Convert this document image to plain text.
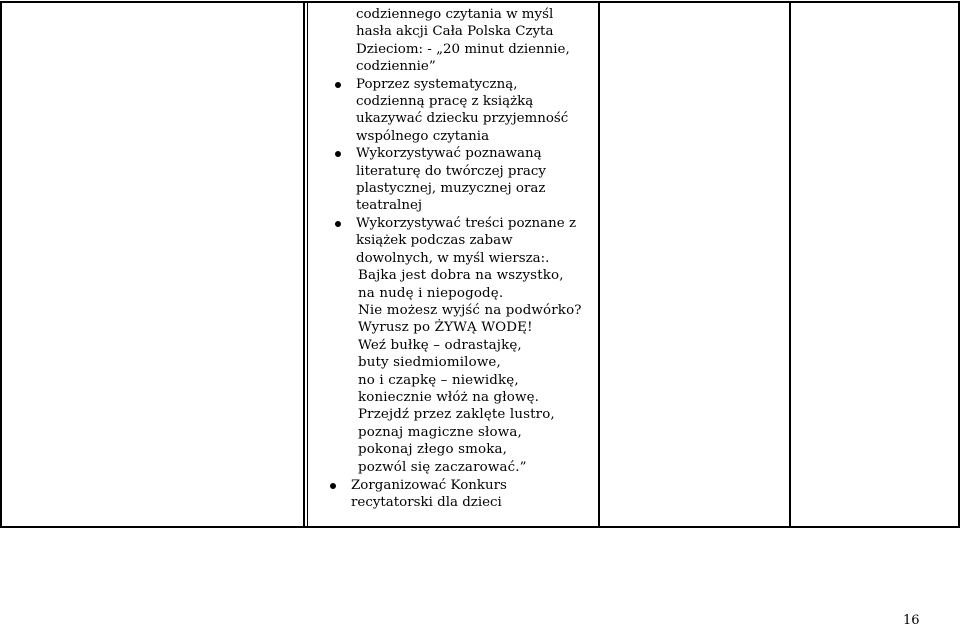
codziennego czytania w myśl
hasła akcji Cała Polska Czyta
Dzieciom: - „20 minut dziennie,
codziennie”
Poprzez systematyczną,
codzienną pracę z książką
ukazywać dziecku przyjemność
wspólnego czytania
Wykorzystywać poznawaną
literaturę do twórczej pracy
plastycznej, muzycznej oraz
teatralnej
Wykorzystywać treści poznane z
książek podczas zabaw
dowolnych, w myśl wiersza:.
Bajka jest dobra na wszystko,
na nudę i niepogodę.
Nie możesz wyjść na podwórko?
Wyrusz po ŻYWĄ WODĘ!
Weź bułkę – odrastajkę,
buty siedmiomilowe,
no i czapkę – niewidkę,
koniecznie włóż na głowę.
Przejdź przez zaklęte lustro,
poznaj magiczne słowa,
pokonaj złego smoka,
pozwól się zaczarować.”
Zorganizować Konkurs
recytatorski dla dzieci
16
